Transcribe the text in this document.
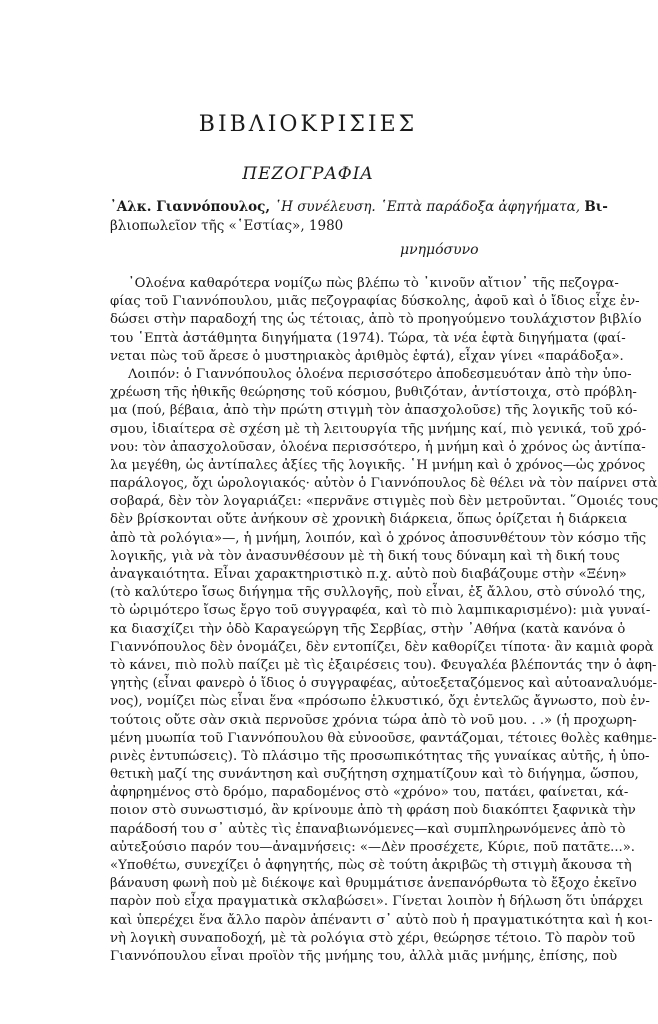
ΒΙΒΛΙΟΚΡΙΣΙΕΣ
ΠΕΖΟΓΡΑΦΙΑ
᾿Αλκ. Γιαννόπουλος, ῾Η συνέλευση. ῾Επτὰ παράδοξα ἀφηγήματα, Βι-
βλιοπωλεῖον τῆς «῾Εστίας», 1980
μνημόσυνο
᾿Ολοένα καθαρότερα νομίζω πὼς βλέπω τὸ ᾿κινοῦν αἴτιον᾿ τῆς πεζογρα-
φίας τοῦ Γιαννόπουλου, μιᾶς πεζογραφίας δύσκολης, ἀφοῦ καὶ ὁ ἴδιος εἶχε ἐν-
δώσει στὴν παραδοχή της ὡς τέτοιας, ἀπὸ τὸ προηγούμενο τουλάχιστον βιβλίο
του ῾Επτὰ ἀστάθμητα διηγήματα (1974). Τώρα, τὰ νέα ἑφτὰ διηγήματα (φαί-
νεται πὼς τοῦ ἄρεσε ὁ μυστηριακὸς ἀριθμὸς ἑφτά), εἶχαν γίνει «παράδοξα».
Λοιπόν: ὁ Γιαννόπουλος ὁλοένα περισσότερο ἀποδεσμευόταν ἀπὸ τὴν ὑπο-
χρέωση τῆς ἠθικῆς θεώρησης τοῦ κόσμου, βυθιζόταν, ἀντίστοιχα, στὸ πρόβλη-
μα (πού, βέβαια, ἀπὸ τὴν πρώτη στιγμὴ τὸν ἀπασχολοῦσε) τῆς λογικῆς τοῦ κό-
σμου, ἰδιαίτερα σὲ σχέση μὲ τὴ λειτουργία τῆς μνήμης καί, πιὸ γενικά, τοῦ χρό-
νου: τὸν ἀπασχολοῦσαν, ὁλοένα περισσότερο, ἡ μνήμη καὶ ὁ χρόνος ὡς ἀντίπα-
λα μεγέθη, ὡς ἀντίπαλες ἀξίες τῆς λογικῆς. ῾Η μνήμη καὶ ὁ χρόνος—ὡς χρόνος
παράλογος, ὄχι ὡρολογιακός· αὐτὸν ὁ Γιαννόπουλος δὲ θέλει νὰ τὸν παίρνει στὰ
σοβαρά, δὲν τὸν λογαριάζει: «περνᾶνε στιγμὲς ποὺ δὲν μετροῦνται. ῞Ομοιές τους
δὲν βρίσκονται οὔτε ἀνήκουν σὲ χρονικὴ διάρκεια, ὅπως ὁρίζεται ἡ διάρκεια
ἀπὸ τὰ ρολόγια»—, ἡ μνήμη, λοιπόν, καὶ ὁ χρόνος ἀποσυνθέτουν τὸν κόσμο τῆς
λογικῆς, γιὰ νὰ τὸν ἀνασυνθέσουν μὲ τὴ δική τους δύναμη καὶ τὴ δική τους
ἀναγκαιότητα. Εἶναι χαρακτηριστικὸ π.χ. αὐτὸ ποὺ διαβάζουμε στὴν «Ξένη»
(τὸ καλύτερο ἴσως διήγημα τῆς συλλογῆς, ποὺ εἶναι, ἐξ ἄλλου, στὸ σύνολό της,
τὸ ὡριμότερο ἴσως ἔργο τοῦ συγγραφέα, καὶ τὸ πιὸ λαμπικαρισμένο): μιὰ γυναί-
κα διασχίζει τὴν ὁδὸ Καραγεώργη τῆς Σερβίας, στὴν ᾿Αθήνα (κατὰ κανόνα ὁ
Γιαννόπουλος δὲν ὀνομάζει, δὲν εντοπίζει, δὲν καθορίζει τίποτα· ἂν καμιὰ φορὰ
τὸ κάνει, πιὸ πολὺ παίζει μὲ τὶς ἐξαιρέσεις του). Φευγαλέα βλέποντάς την ὁ ἀφη-
γητὴς (εἶναι φανερὸ ὁ ἴδιος ὁ συγγραφέας, αὐτοεξεταζόμενος καὶ αὐτοαναλυόμε-
νος), νομίζει πὼς εἶναι ἕνα «πρόσωπο ἑλκυστικό, ὄχι ἐντελῶς ἄγνωστο, ποὺ ἐν-
τούτοις οὔτε σὰν σκιὰ περνοῦσε χρόνια τώρα ἀπὸ τὸ νοῦ μου. . .» (ἡ προχωρη-
μένη μυωπία τοῦ Γιαννόπουλου θὰ εὐνοοῦσε, φαντάζομαι, τέτοιες θολὲς καθημε-
ρινὲς ἐντυπώσεις). Τὸ πλάσιμο τῆς προσωπικότητας τῆς γυναίκας αὐτῆς, ἡ ὑπο-
θετικὴ μαζί της συνάντηση καὶ συζήτηση σχηματίζουν καὶ τὸ διήγημα, ὥσπου,
ἀφηρημένος στὸ δρόμο, παραδομένος στὸ «χρόνο» του, πατάει, φαίνεται, κά-
ποιον στὸ συνωστισμό, ἂν κρίνουμε ἀπὸ τὴ φράση ποὺ διακόπτει ξαφνικὰ τὴν
παράδοσή του σ᾿ αὐτὲς τὶς ἐπαναβιωνόμενες—καὶ συμπληρωνόμενες ἀπὸ τὸ
αὐτεξούσιο παρόν του—ἀναμνήσεις: «—Δὲν προσέχετε, Κύριε, ποῦ πατᾶτε...».
«Υποθέτω, συνεχίζει ὁ ἀφηγητής, πὼς σὲ τούτη ἀκριβῶς τὴ στιγμὴ ἄκουσα τὴ
βάναυση φωνὴ ποὺ μὲ διέκοψε καὶ θρυμμάτισε ἀνεπανόρθωτα τὸ ἔξοχο ἐκεῖνο
παρὸν ποὺ εἶχα πραγματικὰ σκλαβώσει». Γίνεται λοιπὸν ἡ δήλωση ὅτι ὑπάρχει
καὶ ὑπερέχει ἕνα ἄλλο παρὸν ἀπέναντι σ᾿ αὐτὸ ποὺ ἡ πραγματικότητα καὶ ἡ κοι-
νὴ λογικὴ συναποδοχή, μὲ τὰ ρολόγια στὸ χέρι, θεώρησε τέτοιο. Τὸ παρὸν τοῦ
Γιαννόπουλου εἶναι προϊὸν τῆς μνήμης του, ἀλλὰ μιᾶς μνήμης, ἐπίσης, ποὺ
